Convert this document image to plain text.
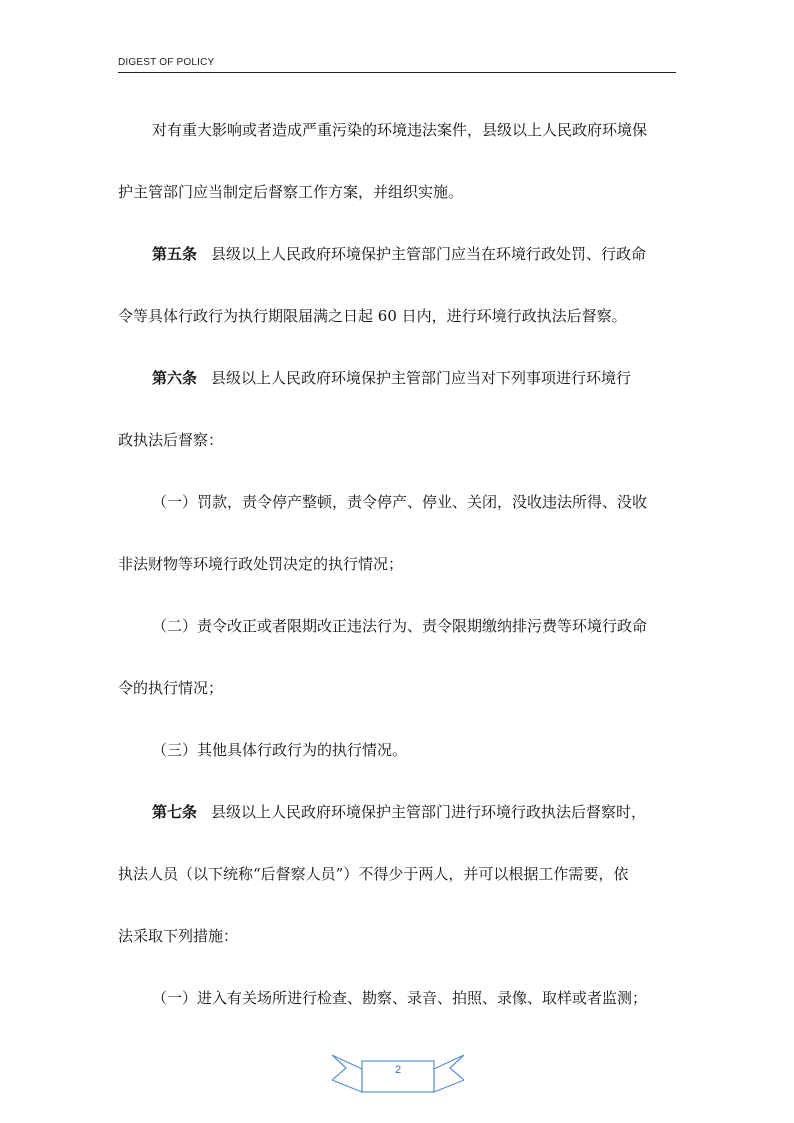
DIGEST OF POLICY
对有重大影响或者造成严重污染的环境违法案件，县级以上人民政府环境保
护主管部门应当制定后督察工作方案，并组织实施。
第五条 县级以上人民政府环境保护主管部门应当在环境行政处罚、行政命
令等具体行政行为执行期限届满之日起 60 日内，进行环境行政执法后督察。
第六条 县级以上人民政府环境保护主管部门应当对下列事项进行环境行
政执法后督察：
（一）罚款，责令停产整顿，责令停产、停业、关闭，没收违法所得、没收
非法财物等环境行政处罚决定的执行情况；
（二）责令改正或者限期改正违法行为、责令限期缴纳排污费等环境行政命
令的执行情况；
（三）其他具体行政行为的执行情况。
第七条 县级以上人民政府环境保护主管部门进行环境行政执法后督察时，
执法人员（以下统称“后督察人员”）不得少于两人，并可以根据工作需要，依
法采取下列措施：
（一）进入有关场所进行检查、勘察、录音、拍照、录像、取样或者监测；
2
